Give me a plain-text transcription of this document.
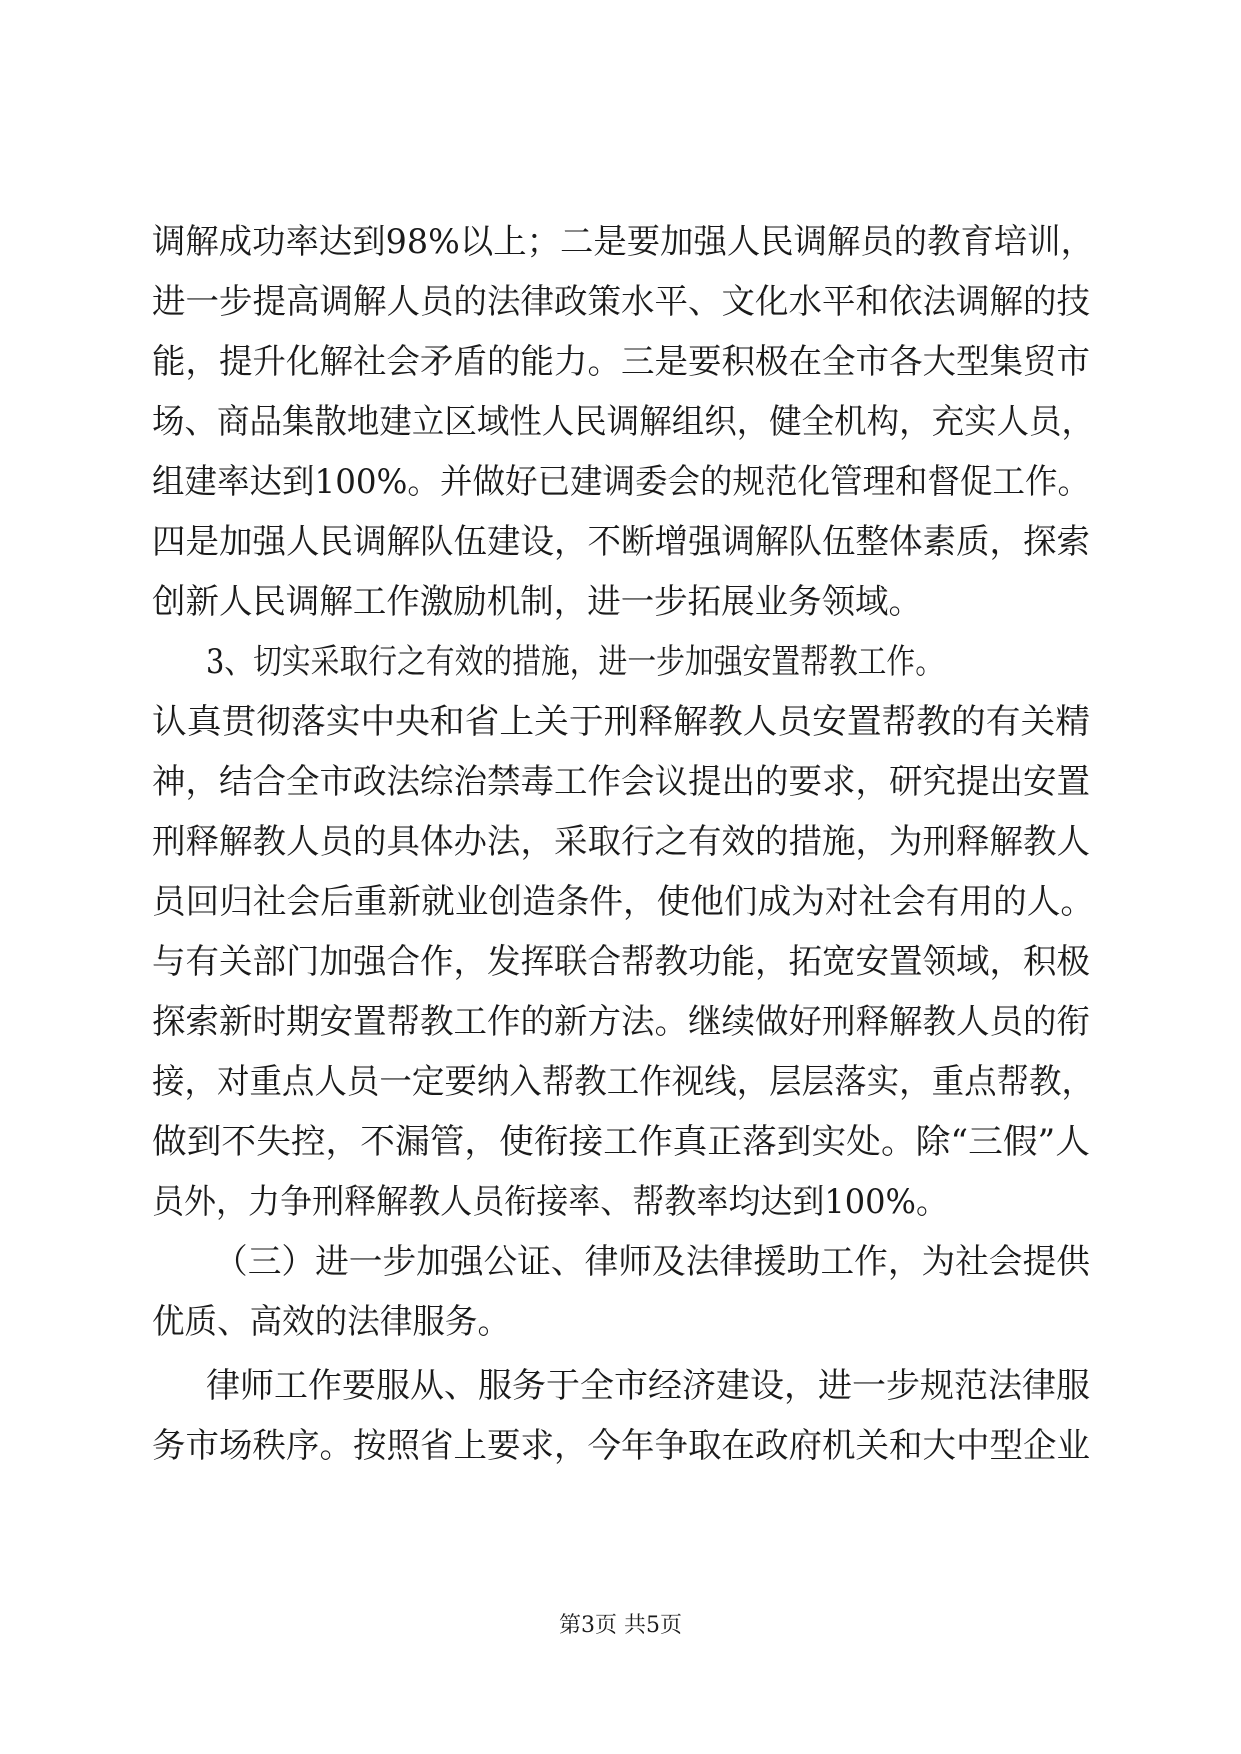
调解成功率达到98%以上；二是要加强人民调解员的教育培训，
进一步提高调解人员的法律政策水平、文化水平和依法调解的技
能，提升化解社会矛盾的能力。三是要积极在全市各大型集贸市
场、商品集散地建立区域性人民调解组织，健全机构，充实人员，
组建率达到100%。并做好已建调委会的规范化管理和督促工作。
四是加强人民调解队伍建设，不断增强调解队伍整体素质，探索
创新人民调解工作激励机制，进一步拓展业务领域。
3、切实采取行之有效的措施，进一步加强安置帮教工作。
认真贯彻落实中央和省上关于刑释解教人员安置帮教的有关精
神，结合全市政法综治禁毒工作会议提出的要求，研究提出安置
刑释解教人员的具体办法，采取行之有效的措施，为刑释解教人
员回归社会后重新就业创造条件，使他们成为对社会有用的人。
与有关部门加强合作，发挥联合帮教功能，拓宽安置领域，积极
探索新时期安置帮教工作的新方法。继续做好刑释解教人员的衔
接，对重点人员一定要纳入帮教工作视线，层层落实，重点帮教，
做到不失控，不漏管，使衔接工作真正落到实处。除“三假”人
员外，力争刑释解教人员衔接率、帮教率均达到100%。
（三）进一步加强公证、律师及法律援助工作，为社会提供
优质、高效的法律服务。
律师工作要服从、服务于全市经济建设，进一步规范法律服
务市场秩序。按照省上要求，今年争取在政府机关和大中型企业
第3页 共5页
